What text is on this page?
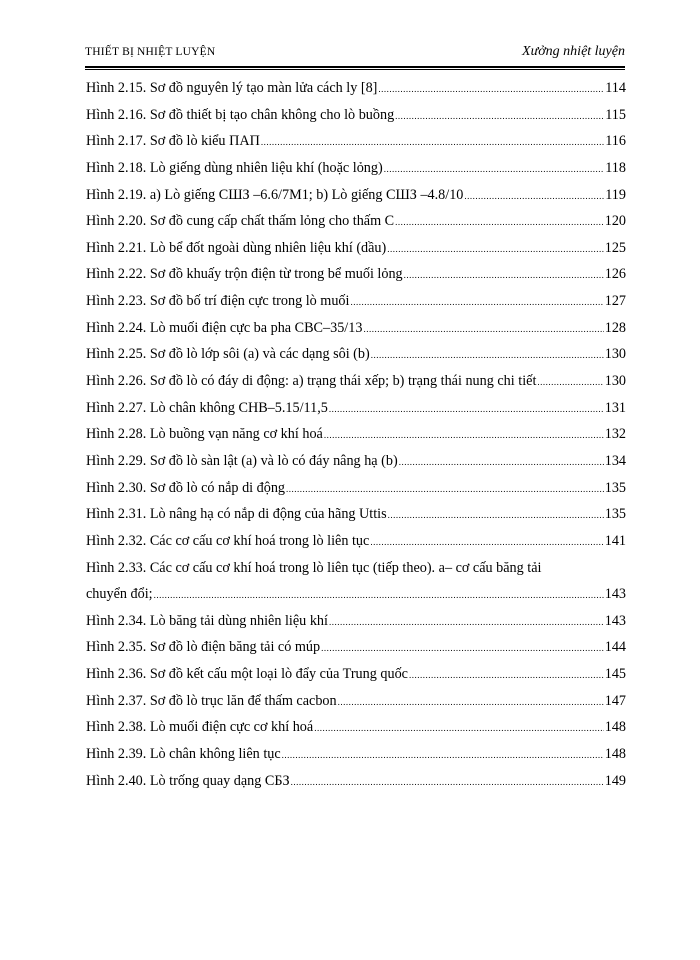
THIẾT BỊ NHIỆT LUYỆN	Xưởng nhiệt luyện
Hình 2.15. Sơ đồ nguyên lý tạo màn lửa cách ly [8] .....	114
Hình 2.16. Sơ đồ thiết bị tạo chân không cho lò buồng .....	115
Hình 2.17. Sơ đồ lò kiểu ПАП .....	116
Hình 2.18. Lò giếng dùng nhiên liệu khí (hoặc lỏng) .....	118
Hình 2.19. a) Lò giếng СШЗ –6.6/7М1; b) Lò giếng СШЗ –4.8/10 .....	119
Hình 2.20. Sơ đồ cung cấp chất thấm lỏng cho thấm C .....	120
Hình 2.21. Lò bể đốt ngoài dùng nhiên liệu khí (dầu) .....	125
Hình 2.22. Sơ đồ khuấy trộn điện từ trong bể muối lỏng .....	126
Hình 2.23. Sơ đồ bố trí điện cực trong lò muối .....	127
Hình 2.24. Lò muối điện cực ba pha СВС–35/13 .....	128
Hình 2.25. Sơ đồ lò lớp sôi (a) và các dạng sôi (b) .....	130
Hình 2.26. Sơ đồ lò có đáy di động: a) trạng thái xếp; b) trạng thái nung chi tiết .....	130
Hình 2.27. Lò chân không СНВ–5.15/11,5 .....	131
Hình 2.28. Lò buồng vạn năng cơ khí hoá .....	132
Hình 2.29. Sơ đồ lò sàn lật (a) và lò có đáy nâng hạ (b) .....	134
Hình 2.30. Sơ đồ lò có nắp di động .....	135
Hình 2.31. Lò nâng hạ có nắp di động của hãng Uttis .....	135
Hình 2.32. Các cơ cấu cơ khí hoá trong lò liên tục .....	141
Hình 2.33. Các cơ cấu cơ khí hoá trong lò liên tục (tiếp theo). a– cơ cấu băng tải
chuyển đổi; .....	143
Hình 2.34. Lò băng tải dùng nhiên liệu khí .....	143
Hình 2.35. Sơ đồ lò điện băng tải có múp .....	144
Hình 2.36. Sơ đồ kết cấu một loại lò đẩy của Trung quốc .....	145
Hình 2.37. Sơ đồ lò trục lăn để thấm cacbon .....	147
Hình 2.38. Lò muối điện cực cơ khí hoá .....	148
Hình 2.39. Lò chân không liên tục .....	148
Hình 2.40. Lò trống quay dạng СБЗ .....	149
